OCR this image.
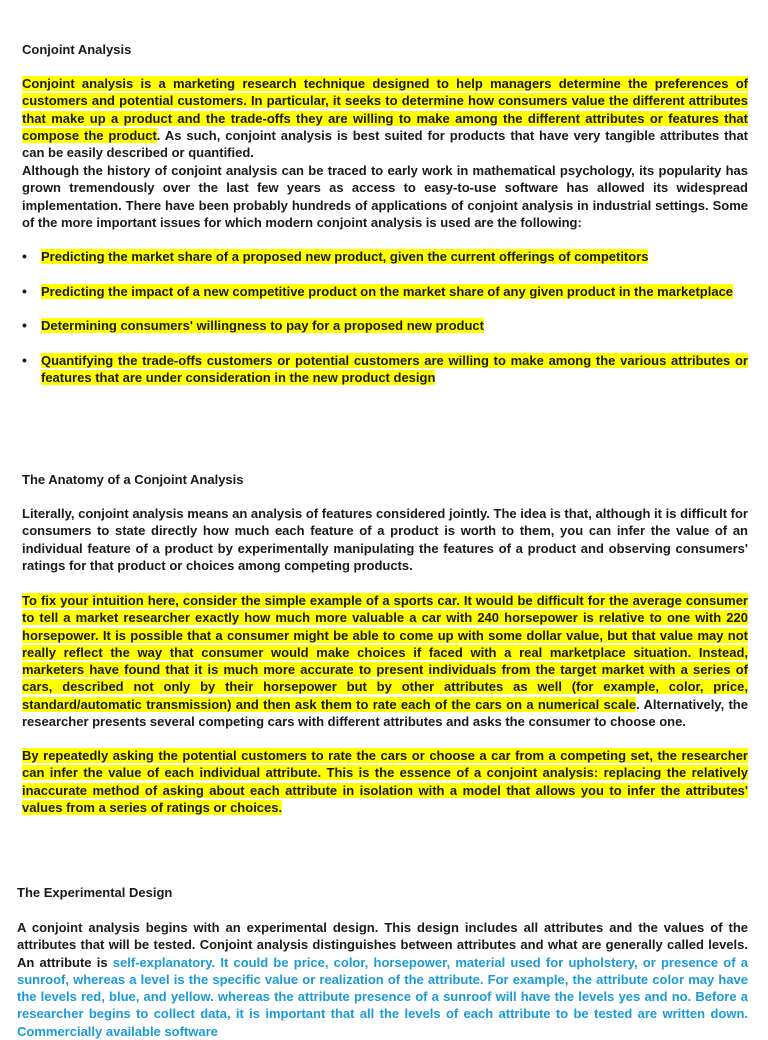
Conjoint Analysis

Conjoint analysis is a marketing research technique designed to help managers determine the preferences of customers and potential customers. In particular, it seeks to determine how consumers value the different attributes that make up a product and the trade-offs they are willing to make among the different attributes or features that compose the product. As such, conjoint analysis is best suited for products that have very tangible attributes that can be easily described or quantified.

Although the history of conjoint analysis can be traced to early work in mathematical psychology, its popularity has grown tremendously over the last few years as access to easy-to-use software has allowed its widespread implementation. There have been probably hundreds of applications of conjoint analysis in industrial settings. Some of the more important issues for which modern conjoint analysis is used are the following:

•	Predicting the market share of a proposed new product, given the current offerings of competitors
•	Predicting the impact of a new competitive product on the market share of any given product in the marketplace
•	Determining consumers' willingness to pay for a proposed new product
•	Quantifying the trade-offs customers or potential customers are willing to make among the various attributes or features that are under consideration in the new product design
The Anatomy of a Conjoint Analysis

Literally, conjoint analysis means an analysis of features considered jointly. The idea is that, although it is difficult for consumers to state directly how much each feature of a product is worth to them, you can infer the value of an individual feature of a product by experimentally manipulating the features of a product and observing consumers' ratings for that product or choices among competing products.

To fix your intuition here, consider the simple example of a sports car. It would be difficult for the average consumer to tell a market researcher exactly how much more valuable a car with 240 horsepower is relative to one with 220 horsepower. It is possible that a consumer might be able to come up with some dollar value, but that value may not really reflect the way that consumer would make choices if faced with a real marketplace situation. Instead, marketers have found that it is much more accurate to present individuals from the target market with a series of cars, described not only by their horsepower but by other attributes as well (for example, color, price, standard/automatic transmission) and then ask them to rate each of the cars on a numerical scale. Alternatively, the researcher presents several competing cars with different attributes and asks the consumer to choose one.

By repeatedly asking the potential customers to rate the cars or choose a car from a competing set, the researcher can infer the value of each individual attribute. This is the essence of a conjoint analysis: replacing the relatively inaccurate method of asking about each attribute in isolation with a model that allows you to infer the attributes' values from a series of ratings or choices.

The Experimental Design

A conjoint analysis begins with an experimental design. This design includes all attributes and the values of the attributes that will be tested. Conjoint analysis distinguishes between attributes and what are generally called levels. An attribute is self-explanatory. It could be price, color, horsepower, material used for upholstery, or presence of a sunroof, whereas a level is the specific value or realization of the attribute. For example, the attribute color may have the levels red, blue, and yellow. whereas the attribute presence of a sunroof will have the levels yes and no. Before a researcher begins to collect data, it is important that all the levels of each attribute to be tested are written down. Commercially available software
